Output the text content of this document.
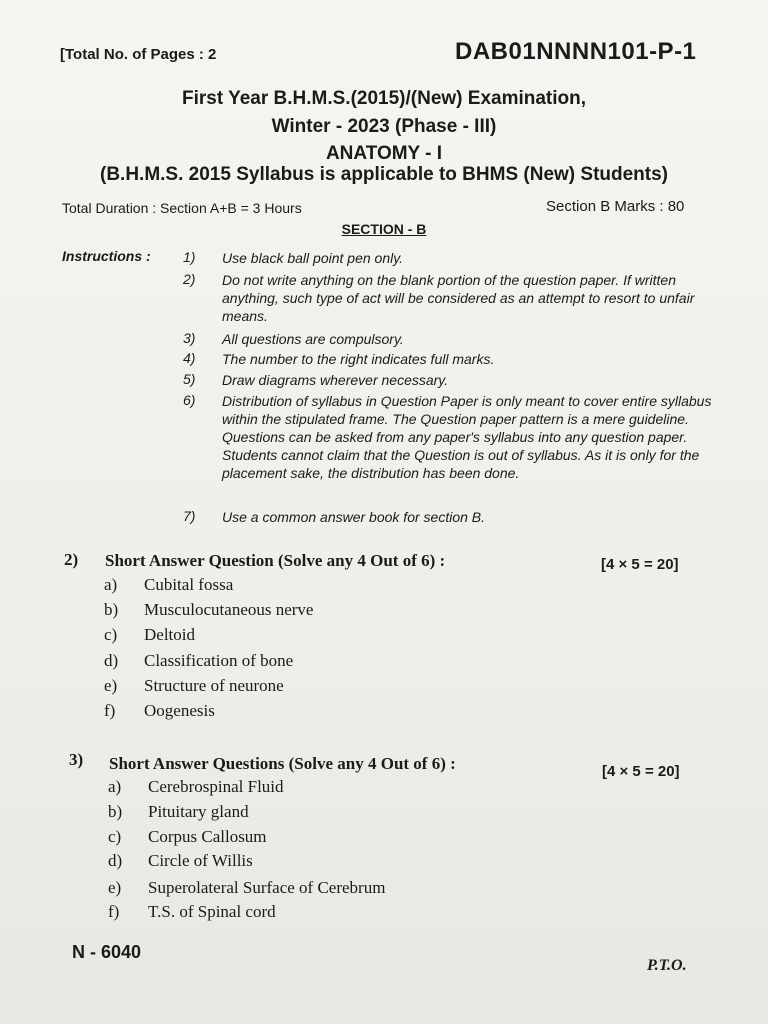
[Total No. of Pages : 2	DAB01NNNN101-P-1
First Year B.H.M.S.(2015)/(New) Examination,
Winter - 2023 (Phase - III)
ANATOMY - I
(B.H.M.S. 2015 Syllabus is applicable to BHMS (New) Students)
Total Duration : Section A+B = 3 Hours	Section B Marks : 80
SECTION - B
Instructions : 1)	Use black ball point pen only.
2)	Do not write anything on the blank portion of the question paper. If written anything, such type of act will be considered as an attempt to resort to unfair means.
3)	All questions are compulsory.
4)	The number to the right indicates full marks.
5)	Draw diagrams wherever necessary.
6)	Distribution of syllabus in Question Paper is only meant to cover entire syllabus within the stipulated frame. The Question paper pattern is a mere guideline. Questions can be asked from any paper's syllabus into any question paper. Students cannot claim that the Question is out of syllabus. As it is only for the placement sake, the distribution has been done.
7)	Use a common answer book for section B.
2) Short Answer Question (Solve any 4 Out of 6) :	[4 × 5 = 20]
a) Cubital fossa
b) Musculocutaneous nerve
c) Deltoid
d) Classification of bone
e) Structure of neurone
f) Oogenesis
3) Short Answer Questions (Solve any 4 Out of 6) :	[4 × 5 = 20]
a) Cerebrospinal Fluid
b) Pituitary gland
c) Corpus Callosum
d) Circle of Willis
e) Superolateral Surface of Cerebrum
f) T.S. of Spinal cord
N - 6040
P.T.O.
